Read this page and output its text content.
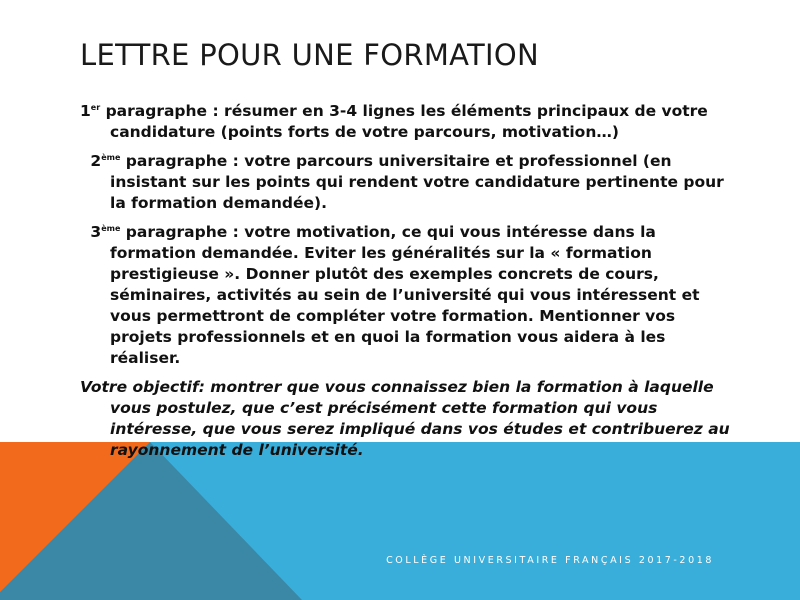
LETTRE POUR UNE FORMATION

1er paragraphe : résumer en 3-4 lignes les éléments principaux de votre candidature (points forts de votre parcours, motivation…)

2ème paragraphe : votre parcours universitaire et professionnel (en insistant sur les points qui rendent votre candidature pertinente pour la formation demandée).

3ème paragraphe : votre motivation, ce qui vous intéresse dans la formation demandée. Eviter les généralités sur la « formation prestigieuse ». Donner plutôt des exemples concrets de cours, séminaires, activités au sein de l’université qui vous intéressent et vous permettront de compléter votre formation. Mentionner vos projets professionnels et en quoi la formation vous aidera à les réaliser.

Votre objectif: montrer que vous connaissez bien la formation à laquelle vous postulez, que c’est précisément cette formation qui vous intéresse, que vous serez impliqué dans vos études et contribuerez au rayonnement de l’université.

COLLÈGE UNIVERSITAIRE FRANÇAIS 2017-2018
